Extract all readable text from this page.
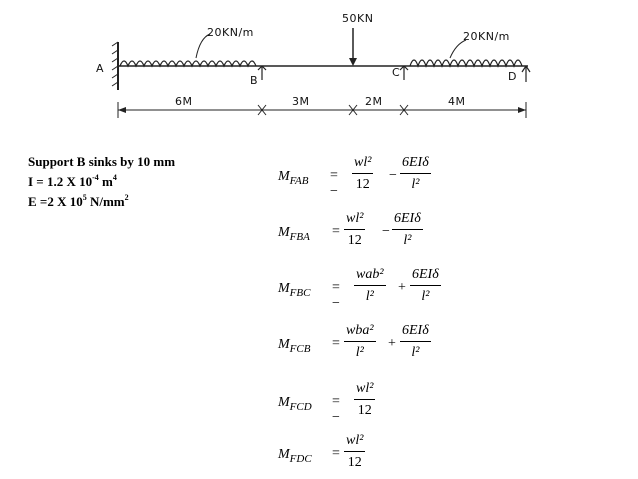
20KN/m
50KN
20KN/m
A
B
C	D
6M	3M	2M	4M
Support B sinks by 10 mm
I = 1.2 X $10^{-4}$ $m^4$
E =2 X $10^5$ $N/mm^2$
$M_{FAB}$ = − $\frac{\text{wl²}}{12}$ −
6EIδ
l²
$M_{FBA} = \frac{\text{wl²}}{12}$ −
6EIδ
l²
$M_{FBC}$ = −
wab²
l²
+
6EIδ
l²
$M_{FCB}$ =
wba²
l²
+
6EIδ
l²
$M_{FCD}$ = − $\frac{\text{wl²}}{12}$
$M_{FDC} = \frac{\text{wl²}}{12}$
